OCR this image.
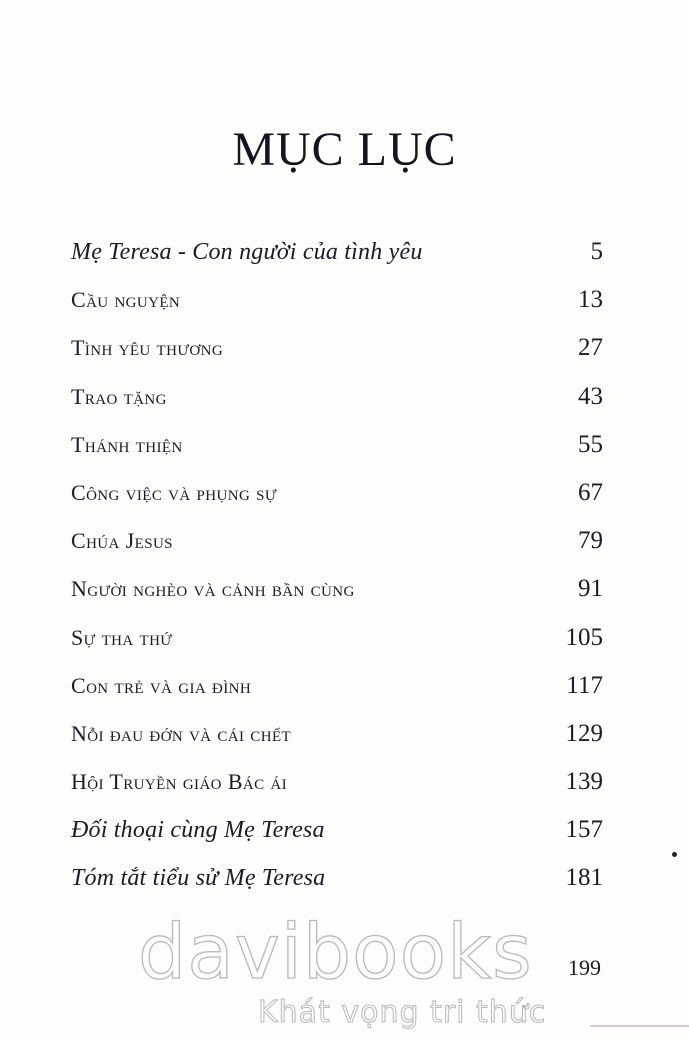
MỤC LỤC
Mẹ Teresa - Con người của tình yêu	5
Cầu nguyện	13
Tình yêu thương	27
Trao tặng	43
Thánh thiện	55
Công việc và phụng sự	67
Chúa Jesus	79
Người nghèo và cảnh bần cùng	91
Sự tha thứ	105
Con trẻ và gia đình	117
Nỗi đau đớn và cái chết	129
Hội Truyền giáo Bác ái	139
Đối thoại cùng Mẹ Teresa	157
Tóm tắt tiểu sử Mẹ Teresa	181
davibooks
Khát vọng tri thức
199
